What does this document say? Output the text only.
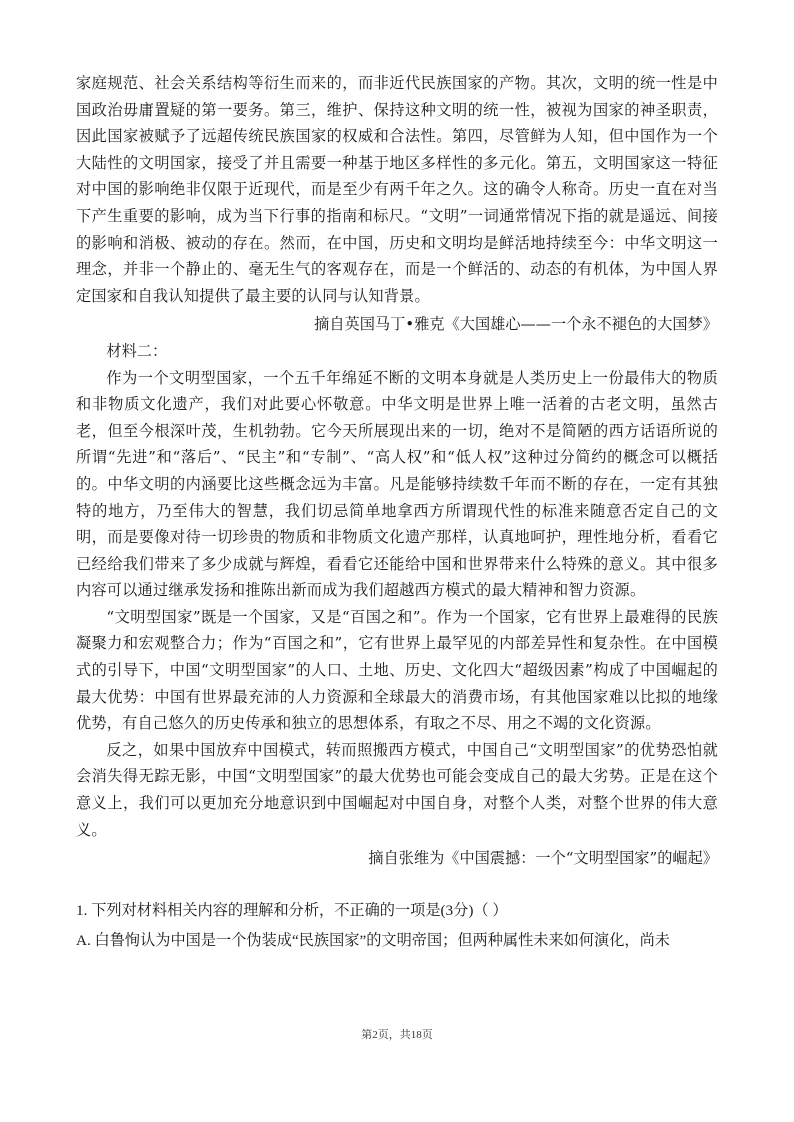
家庭规范、社会关系结构等衍生而来的，而非近代民族国家的产物。其次，文明的统一性是中国政治毋庸置疑的第一要务。第三，维护、保持这种文明的统一性，被视为国家的神圣职责，因此国家被赋予了远超传统民族国家的权威和合法性。第四，尽管鲜为人知，但中国作为一个大陆性的文明国家，接受了并且需要一种基于地区多样性的多元化。第五，文明国家这一特征对中国的影响绝非仅限于近现代，而是至少有两千年之久。这的确令人称奇。历史一直在对当下产生重要的影响，成为当下行事的指南和标尺。“文明”一词通常情况下指的就是遥远、间接的影响和消极、被动的存在。然而，在中国，历史和文明均是鲜活地持续至今：中华文明这一理念，并非一个静止的、毫无生气的客观存在，而是一个鲜活的、动态的有机体，为中国人界定国家和自我认知提供了最主要的认同与认知背景。

摘自英国马丁•雅克《大国雄心——一个永不褪色的大国梦》

材料二：

作为一个文明型国家，一个五千年绵延不断的文明本身就是人类历史上一份最伟大的物质和非物质文化遗产，我们对此要心怀敬意。中华文明是世界上唯一活着的古老文明，虽然古老，但至今根深叶茂，生机勃勃。它今天所展现出来的一切，绝对不是简陋的西方话语所说的所谓“先进”和“落后”、“民主”和“专制”、“高人权”和“低人权”这种过分简约的概念可以概括的。中华文明的内涵要比这些概念远为丰富。凡是能够持续数千年而不断的存在，一定有其独特的地方，乃至伟大的智慧，我们切忌简单地拿西方所谓现代性的标准来随意否定自己的文明，而是要像对待一切珍贵的物质和非物质文化遗产那样，认真地呵护，理性地分析，看看它已经给我们带来了多少成就与辉煌，看看它还能给中国和世界带来什么特殊的意义。其中很多内容可以通过继承发扬和推陈出新而成为我们超越西方模式的最大精神和智力资源。

“文明型国家”既是一个国家，又是“百国之和”。作为一个国家，它有世界上最难得的民族凝聚力和宏观整合力；作为“百国之和”，它有世界上最罕见的内部差异性和复杂性。在中国模式的引导下，中国“文明型国家”的人口、土地、历史、文化四大“超级因素”构成了中国崛起的最大优势：中国有世界最充沛的人力资源和全球最大的消费市场，有其他国家难以比拟的地缘优势，有自己悠久的历史传承和独立的思想体系，有取之不尽、用之不竭的文化资源。

反之，如果中国放弃中国模式，转而照搬西方模式，中国自己“文明型国家”的优势恐怕就会消失得无踪无影，中国“文明型国家”的最大优势也可能会变成自己的最大劣势。正是在这个意义上，我们可以更加充分地意识到中国崛起对中国自身，对整个人类，对整个世界的伟大意义。

摘自张维为《中国震撼：一个“文明型国家”的崛起》

1. 下列对材料相关内容的理解和分析，不正确的一项是(3分)（ ）

A. 白鲁恂认为中国是一个伪装成“民族国家”的文明帝国；但两种属性未来如何演化，尚未

第2页，共18页
